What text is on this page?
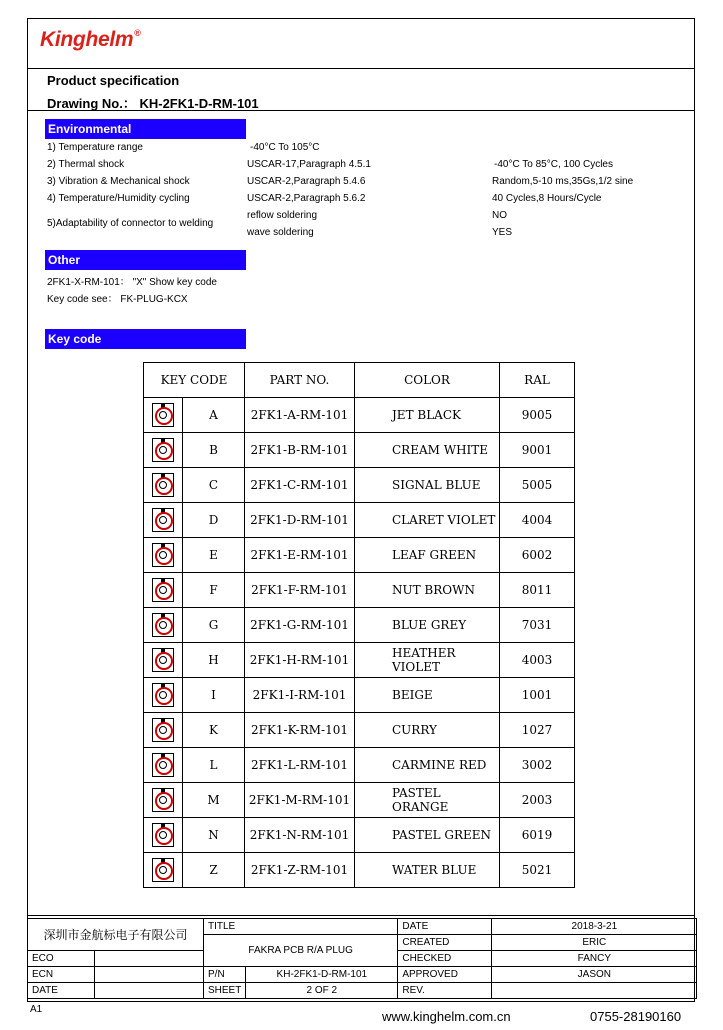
Kinghelm®
Product specification
Drawing No.： KH-2FK1-D-RM-101
Environmental
1) Temperature range	-40°C To 105°C
2) Thermal shock	USCAR-17,Paragraph 4.5.1	-40°C To 85°C, 100 Cycles
3) Vibration & Mechanical shock	USCAR-2,Paragraph 5.4.6	Random,5-10 ms,35Gs,1/2 sine
4) Temperature/Humidity cycling	USCAR-2,Paragraph 5.6.2	40 Cycles,8 Hours/Cycle
5)Adaptability of connector to welding
reflow soldering	NO
wave soldering	YES
Other
2FK1-X-RM-101： "X" Show key code
Key code see： FK-PLUG-KCX
Key code
KEY CODE		PART NO.	COLOR	RAL

	A	2FK1-A-RM-101	JET BLACK	9005

	B	2FK1-B-RM-101	CREAM WHITE	9001

	C	2FK1-C-RM-101	SIGNAL BLUE	5005

	D	2FK1-D-RM-101	CLARET VIOLET	4004

	E	2FK1-E-RM-101	LEAF GREEN	6002

	F	2FK1-F-RM-101	NUT BROWN	8011

	G	2FK1-G-RM-101	BLUE GREY	7031

	H	2FK1-H-RM-101	HEATHER VIOLET	4003

	I	2FK1-I-RM-101	BEIGE	1001

	K	2FK1-K-RM-101	CURRY	1027

	L	2FK1-L-RM-101	CARMINE RED	3002

	M	2FK1-M-RM-101	PASTEL ORANGE	2003

	N	2FK1-N-RM-101	PASTEL GREEN	6019

	Z	2FK1-Z-RM-101	WATER BLUE	5021
深圳市金航标电子有限公司		TITLE		DATE	2018-3-21
		FAKRA PCB R/A PLUG		CREATED	ERIC
ECO				CHECKED	FANCY
ECN		P/N	KH-2FK1-D-RM-101	APPROVED	JASON
DATE		SHEET	2 OF 2	REV.	
A1	www.kinghelm.com.cn	0755-28190160
